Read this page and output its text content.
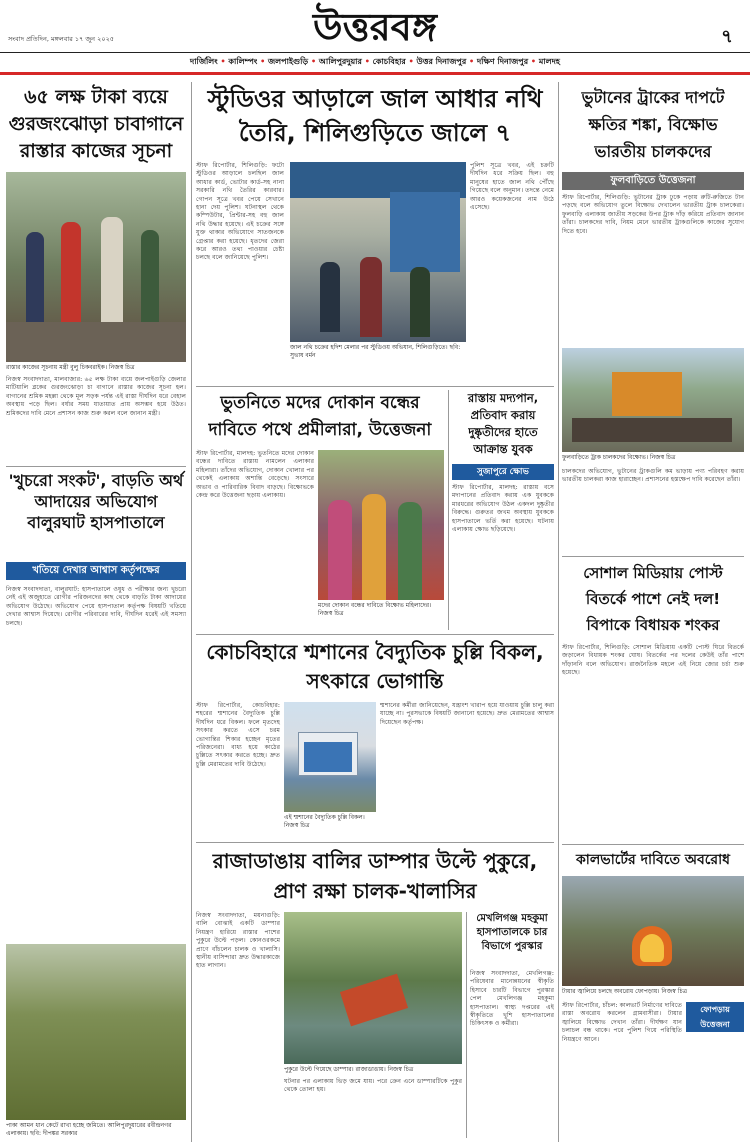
সংবাদ প্রতিদিন, মঙ্গলবার ১৭ জুন ২০২৫	উত্তরবঙ্গ	৭
দার্জিলিং • কালিম্পং • জলপাইগুড়ি • আলিপুরদুয়ার • কোচবিহার • উত্তর দিনাজপুর • দক্ষিণ দিনাজপুর • মালদহ
৬৫ লক্ষ টাকা ব্যয়ে গুরজংঝোড়া চাবাগানে রাস্তার কাজের সূচনা
রাস্তার কাজের সূচনায় মন্ত্রী বুলু চিকবরাইক। নিজস্ব চিত্র
নিজস্ব সংবাদদাতা, মালবাজার: ৬৫ লক্ষ টাকা ব্যয়ে জলপাইগুড়ি জেলার মাটিয়ালি ব্লকের গুরজংঝোড়া চা বাগানে রাস্তার কাজের সূচনা হল। বাগানের শ্রমিক মহল্লা থেকে মূল সড়ক পর্যন্ত এই রাস্তা দীর্ঘদিন ধরে বেহাল অবস্থায় পড়ে ছিল। বর্ষার সময় যাতায়াত প্রায় অসম্ভব হয়ে উঠত। শ্রমিকদের দাবি মেনে প্রশাসন কাজ শুরু করল বলে জানান মন্ত্রী।
'খুচরো সংকট', বাড়তি অর্থ আদায়ের অভিযোগ বালুরঘাট হাসপাতালে
খতিয়ে দেখার আশ্বাস কর্তৃপক্ষের
নিজস্ব সংবাদদাতা, বালুরঘাট: হাসপাতালে ওষুধ ও পরীক্ষার জন্য খুচরো নেই এই অজুহাতে রোগীর পরিজনদের কাছ থেকে বাড়তি টাকা আদায়ের অভিযোগ উঠেছে। অভিযোগ পেয়ে হাসপাতাল কর্তৃপক্ষ বিষয়টি খতিয়ে দেখার আশ্বাস দিয়েছে। রোগীর পরিবারের দাবি, দীর্ঘদিন ধরেই এই সমস্যা চলছে।
পাকা আমন ধান কেটে রাখা হচ্ছে জমিতে। আলিপুরদুয়ারের রবীন্দ্রনগর এলাকায়। ছবি: দীপঙ্কর সরকার
স্টুডিওর আড়ালে জাল আধার নথি তৈরি, শিলিগুড়িতে জালে ৭
স্টাফ রিপোর্টার, শিলিগুড়ি: ফটো স্টুডিওর আড়ালে চলছিল জাল আধার কার্ড, ভোটার কার্ড-সহ নানা সরকারি নথি তৈরির কারবার। গোপন সূত্রে খবর পেয়ে সেখানে হানা দেয় পুলিশ। ঘটনাস্থল থেকে কম্পিউটার, প্রিন্টার-সহ বহু জাল নথি উদ্ধার হয়েছে। এই চক্রের সঙ্গে যুক্ত থাকার অভিযোগে সাতজনকে গ্রেপ্তার করা হয়েছে। ধৃতদের জেরা করে আরও তথ্য পাওয়ার চেষ্টা চলছে বলে জানিয়েছে পুলিশ।
জাল নথি চক্রের হদিশ মেলার পর স্টুডিওয় অভিযান, শিলিগুড়িতে। ছবি: সুভাষ বর্মন

পুলিশ সূত্রে খবর, এই চক্রটি দীর্ঘদিন ধরে সক্রিয় ছিল। বহু মানুষের হাতে জাল নথি পৌঁছে গিয়েছে বলে অনুমান। তদন্তে নেমে আরও কয়েকজনের নাম উঠে এসেছে।

ভুতনিতে মদের দোকান বন্ধের দাবিতে পথে প্রমীলারা, উত্তেজনা
স্টাফ রিপোর্টার, মালদহ: ভুতনিতে মদের দোকান বন্ধের দাবিতে রাস্তায় নামলেন এলাকার মহিলারা। তাঁদের অভিযোগ, দোকান খোলার পর থেকেই এলাকায় অশান্তি বেড়েছে। সংসারে অভাব ও পারিবারিক বিবাদ বাড়ছে। বিক্ষোভকে কেন্দ্র করে উত্তেজনা ছড়ায় এলাকায়।
মদের দোকান বন্ধের দাবিতে বিক্ষোভ মহিলাদের। নিজস্ব চিত্র
রাস্তায় মদ্যপান, প্রতিবাদ করায় দুষ্কৃতীদের হাতে আক্রান্ত যুবক
সুজাপুরে ক্ষোভ
স্টাফ রিপোর্টার, মালদহ: রাস্তায় বসে মদ্যপানের প্রতিবাদ করায় এক যুবককে মারধরের অভিযোগ উঠল একদল দুষ্কৃতীর বিরুদ্ধে। গুরুতর জখম অবস্থায় যুবককে হাসপাতালে ভর্তি করা হয়েছে। ঘটনায় এলাকায় ক্ষোভ ছড়িয়েছে।
কোচবিহারে শ্মশানের বৈদ্যুতিক চুল্লি বিকল, সৎকারে ভোগান্তি
স্টাফ রিপোর্টার, কোচবিহার: শহরের শ্মশানের বৈদ্যুতিক চুল্লি দীর্ঘদিন ধরে বিকল। ফলে মৃতদেহ সৎকার করতে এসে চরম ভোগান্তির শিকার হচ্ছেন মৃতের পরিজনেরা। বাধ্য হয়ে কাঠের চুল্লিতে সৎকার করতে হচ্ছে। দ্রুত চুল্লি মেরামতের দাবি উঠেছে।
এই শ্মশানের বৈদ্যুতিক চুল্লি বিকল। নিজস্ব চিত্র

শ্মশানের কর্মীরা জানিয়েছেন, যন্ত্রাংশ খারাপ হয়ে যাওয়ায় চুল্লি চালু করা যাচ্ছে না। পুরসভাকে বিষয়টি জানানো হয়েছে। দ্রুত মেরামতের আশ্বাস দিয়েছেন কর্তৃপক্ষ।

রাজাডাঙায় বালির ডাম্পার উল্টে পুকুরে, প্রাণ রক্ষা চালক-খালাসির
নিজস্ব সংবাদদাতা, ময়নাগুড়ি: বালি বোঝাই একটি ডাম্পার নিয়ন্ত্রণ হারিয়ে রাস্তার পাশের পুকুরে উল্টে পড়ল। কোনওরকমে প্রাণে বাঁচলেন চালক ও খালাসি। স্থানীয় বাসিন্দারা দ্রুত উদ্ধারকাজে হাত লাগান।
পুকুরে উল্টে গিয়েছে ডাম্পার। রাজাডাঙায়। নিজস্ব চিত্র

ঘটনার পর এলাকায় ভিড় জমে যায়। পরে ক্রেন এনে ডাম্পারটিকে পুকুর থেকে তোলা হয়।

মেখলিগঞ্জ মহকুমা হাসপাতালকে চার বিভাগে পুরস্কার
নিজস্ব সংবাদদাতা, মেখলিগঞ্জ: পরিষেবার মানোন্নয়নের স্বীকৃতি হিসাবে চারটি বিভাগে পুরস্কার পেল মেখলিগঞ্জ মহকুমা হাসপাতাল। স্বাস্থ্য দপ্তরের এই স্বীকৃতিতে খুশি হাসপাতালের চিকিৎসক ও কর্মীরা।
ভুটানের ট্রাকের দাপটে ক্ষতির শঙ্কা, বিক্ষোভ ভারতীয় চালকদের
ফুলবাড়িতে উত্তেজনা
স্টাফ রিপোর্টার, শিলিগুড়ি: ভুটানের ট্রাক ঢুকে পড়ায় রুটি-রুজিতে টান পড়ছে বলে অভিযোগ তুলে বিক্ষোভ দেখালেন ভারতীয় ট্রাক চালকেরা। ফুলবাড়ি এলাকায় জাতীয় সড়কের উপর ট্রাক দাঁড় করিয়ে প্রতিবাদ জানান তাঁরা। চালকদের দাবি, নিয়ম মেনে ভারতীয় ট্রাকগুলিকে কাজের সুযোগ দিতে হবে।
ফুলবাড়িতে ট্রাক চালকদের বিক্ষোভ। নিজস্ব চিত্র

চালকদের অভিযোগ, ভুটানের ট্রাকগুলি কম ভাড়ায় পণ্য পরিবহণ করায় ভারতীয় চালকরা কাজ হারাচ্ছেন। প্রশাসনের হস্তক্ষেপ দাবি করেছেন তাঁরা।

সোশাল মিডিয়ায় পোস্ট বিতর্কে পাশে নেই দল! বিপাকে বিধায়ক শংকর
স্টাফ রিপোর্টার, শিলিগুড়ি: সোশাল মিডিয়ায় একটি পোস্ট ঘিরে বিতর্কে জড়ালেন বিধায়ক শংকর ঘোষ। বিতর্কের পর দলের কেউই তাঁর পাশে দাঁড়াননি বলে অভিযোগ। রাজনৈতিক মহলে এই নিয়ে জোর চর্চা শুরু হয়েছে।
কালভার্টের দাবিতে অবরোধ
টায়ার জ্বালিয়ে চলছে অবরোধ ফোপড়ায়। নিজস্ব চিত্র
স্টাফ রিপোর্টার, চাঁচল: কালভার্ট নির্মাণের দাবিতে রাস্তা অবরোধ করলেন গ্রামবাসীরা। টায়ার জ্বালিয়ে বিক্ষোভ দেখান তাঁরা। দীর্ঘক্ষণ যান চলাচল বন্ধ থাকে। পরে পুলিশ গিয়ে পরিস্থিতি নিয়ন্ত্রণে আনে।
ফোপড়ায় উত্তেজনা
